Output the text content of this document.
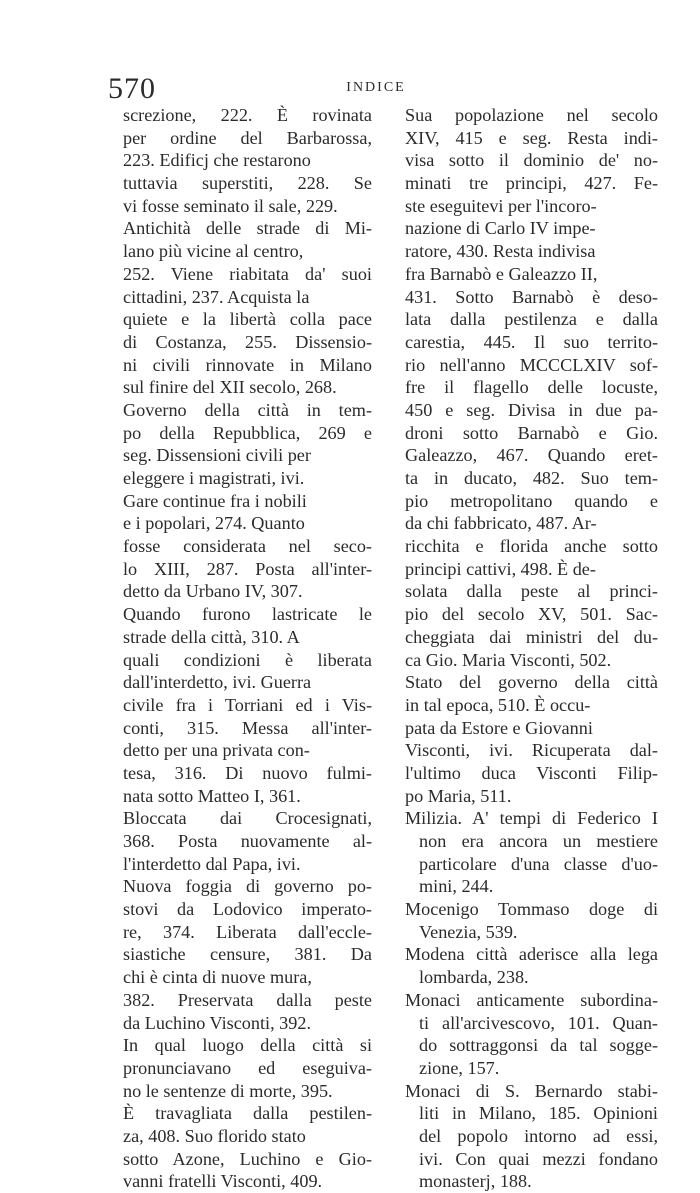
570	INDICE
screzione, 222. È rovinata
per ordine del Barbarossa,
223. Edificj che restarono
tuttavia superstiti, 228. Se
vi fosse seminato il sale, 229.
Antichità delle strade di Mi-
lano più vicine al centro,
252. Viene riabitata da' suoi
cittadini, 237. Acquista la
quiete e la libertà colla pace
di Costanza, 255. Dissensio-
ni civili rinnovate in Milano
sul finire del XII secolo, 268.
Governo della città in tem-
po della Repubblica, 269 e
seg. Dissensioni civili per
eleggere i magistrati, ivi.
Gare continue fra i nobili
e i popolari, 274. Quanto
fosse considerata nel seco-
lo XIII, 287. Posta all'inter-
detto da Urbano IV, 307.
Quando furono lastricate le
strade della città, 310. A
quali condizioni è liberata
dall'interdetto, ivi. Guerra
civile fra i Torriani ed i Vis-
conti, 315. Messa all'inter-
detto per una privata con-
tesa, 316. Di nuovo fulmi-
nata sotto Matteo I, 361.
Bloccata dai Crocesignati,
368. Posta nuovamente al-
l'interdetto dal Papa, ivi.
Nuova foggia di governo po-
stovi da Lodovico imperato-
re, 374. Liberata dall'eccle-
siastiche censure, 381. Da
chi è cinta di nuove mura,
382. Preservata dalla peste
da Luchino Visconti, 392.
In qual luogo della città si
pronunciavano ed eseguiva-
no le sentenze di morte, 395.
È travagliata dalla pestilen-
za, 408. Suo florido stato
sotto Azone, Luchino e Gio-
vanni fratelli Visconti, 409.
Sua popolazione nel secolo
XIV, 415 e seg. Resta indi-
visa sotto il dominio de' no-
minati tre principi, 427. Fe-
ste eseguitevi per l'incoro-
nazione di Carlo IV impe-
ratore, 430. Resta indivisa
fra Barnabò e Galeazzo II,
431. Sotto Barnabò è deso-
lata dalla pestilenza e dalla
carestia, 445. Il suo territo-
rio nell'anno MCCCLXIV sof-
fre il flagello delle locuste,
450 e seg. Divisa in due pa-
droni sotto Barnabò e Gio.
Galeazzo, 467. Quando eret-
ta in ducato, 482. Suo tem-
pio metropolitano quando e
da chi fabbricato, 487. Ar-
ricchita e florida anche sotto
principi cattivi, 498. È de-
solata dalla peste al princi-
pio del secolo XV, 501. Sac-
cheggiata dai ministri del du-
ca Gio. Maria Visconti, 502.
Stato del governo della città
in tal epoca, 510. È occu-
pata da Estore e Giovanni
Visconti, ivi. Ricuperata dal-
l'ultimo duca Visconti Filip-
po Maria, 511.
Milizia. A' tempi di Federico I
non era ancora un mestiere
particolare d'una classe d'uo-
mini, 244.
Mocenigo Tommaso doge di
Venezia, 539.
Modena città aderisce alla lega
lombarda, 238.
Monaci anticamente subordina-
ti all'arcivescovo, 101. Quan-
do sottraggonsi da tal sogge-
zione, 157.
Monaci di S. Bernardo stabi-
liti in Milano, 185. Opinioni
del popolo intorno ad essi,
ivi. Con quai mezzi fondano
monasterj, 188.
